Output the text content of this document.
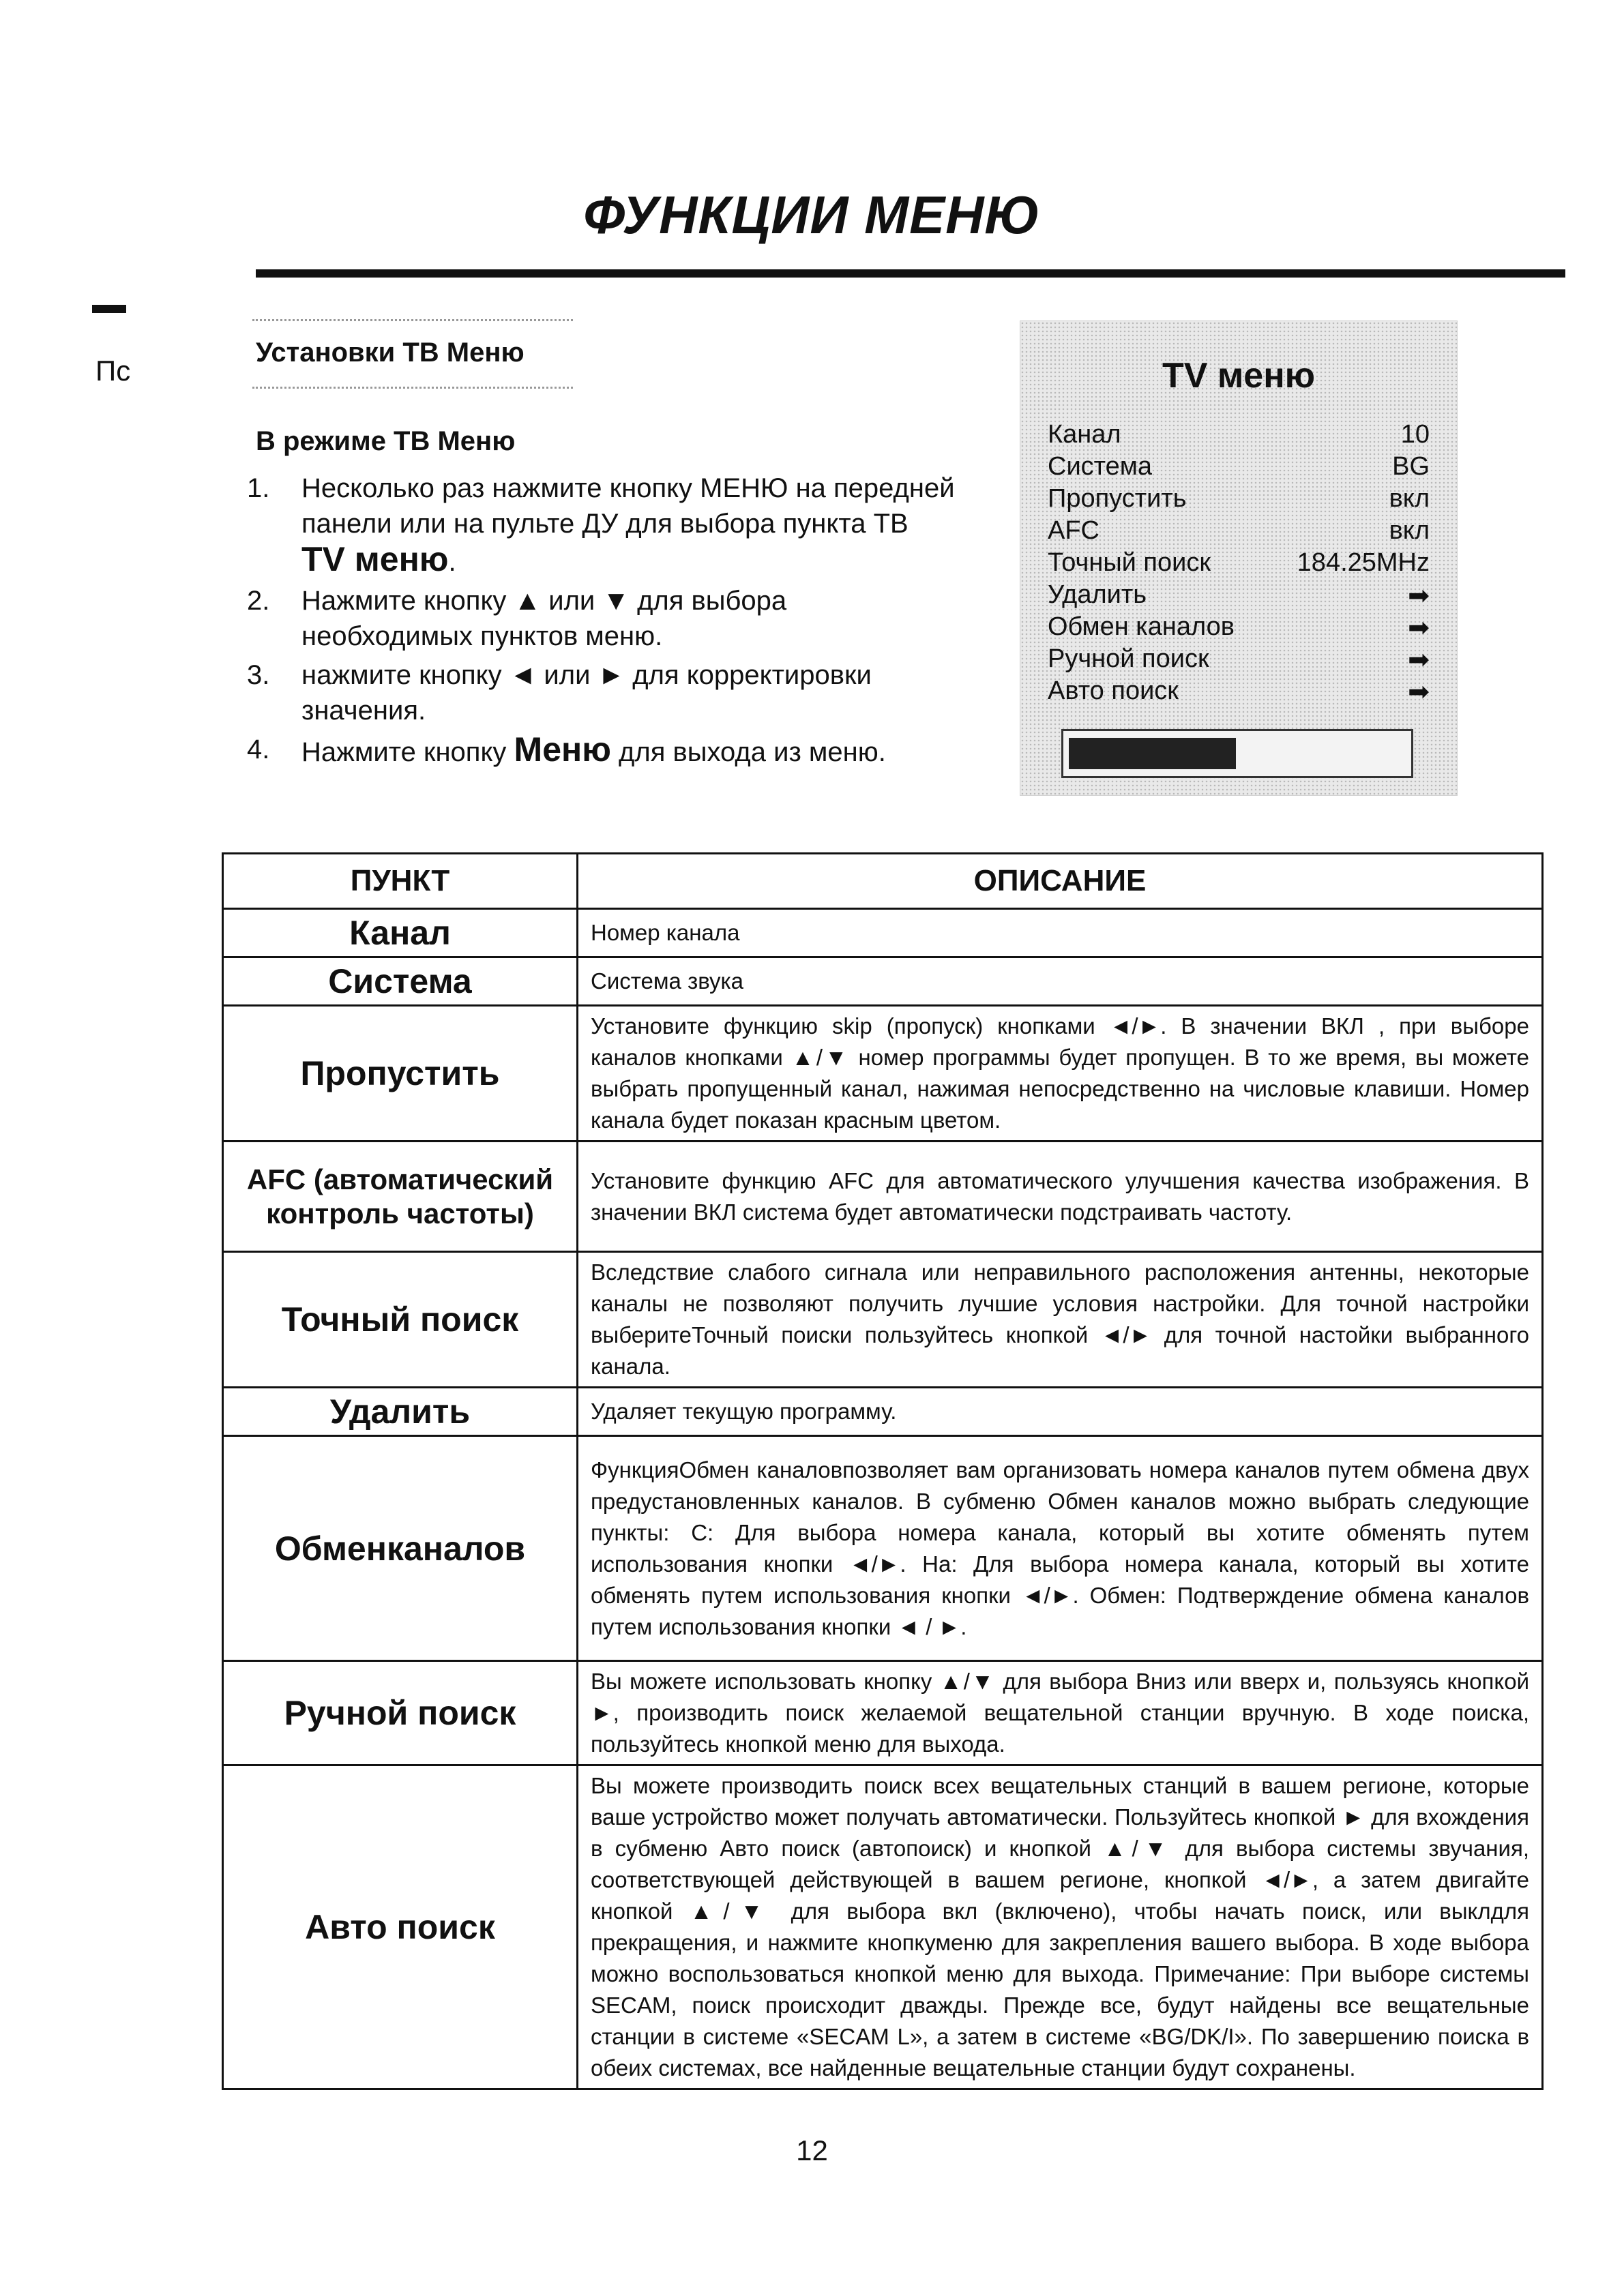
ФУНКЦИИ МЕНЮ
Пс
Установки ТВ Меню
В режиме ТВ Меню
1. Несколько раз нажмите кнопку МЕНЮ на передней панели или на пульте ДУ для выбора пункта ТВ
TV меню.
2. Нажмите кнопку ▲ или ▼ для выбора необходимых пунктов меню.
3. нажмите кнопку ◄ или ► для корректировки значения.
4. Нажмите кнопку Меню для выхода из меню.
TV меню
Канал	10
Система	BG
Пропустить	вкл
AFC	вкл
Точный поиск	184.25MHz
Удалить	➡
Обмен каналов	➡
Ручной поиск	➡
Авто поиск	➡
ПУНКТ	ОПИСАНИЕ
Канал	Номер канала
Система	Система звука
Пропустить	Установите функцию skip (пропуск) кнопками ◄/►. В значении ВКЛ , при выборе каналов кнопками ▲/▼ номер программы будет пропущен. В то же время, вы можете выбрать пропущенный канал, нажимая непосредственно на числовые клавиши. Номер канала будет показан красным цветом.
AFC (автоматический контроль частоты)	Установите функцию AFC для автоматического улучшения качества изображения. В значении ВКЛ система будет автоматически подстраивать частоту.
Точный поиск	Вследствие слабого сигнала или неправильного расположения антенны, некоторые каналы не позволяют получить лучшие условия настройки. Для точной настройки выберитеТочный поиски пользуйтесь кнопкой ◄/► для точной настойки выбранного канала.
Удалить	Удаляет текущую программу.
Обменканалов	ФункцияОбмен каналовпозволяет вам организовать номера каналов путем обмена двух предустановленных каналов. В субменю Обмен каналов можно выбрать следующие пункты: С: Для выбора номера канала, который вы хотите обменять путем использования кнопки ◄/►. На: Для выбора номера канала, который вы хотите обменять путем использования кнопки ◄/►. Обмен: Подтверждение обмена каналов путем использования кнопки ◄ / ►.
Ручной поиск	Вы можете использовать кнопку ▲/▼ для выбора Вниз или вверх и, пользуясь кнопкой ►, производить поиск желаемой вещательной станции вручную. В ходе поиска, пользуйтесь кнопкой меню для выхода.
Авто поиск	Вы можете производить поиск всех вещательных станций в вашем регионе, которые ваше устройство может получать автоматически. Пользуйтесь кнопкой ► для вхождения в субменю Авто поиск (автопоиск) и кнопкой ▲/▼ для выбора системы звучания, соответствующей действующей в вашем регионе, кнопкой ◄/►, а затем двигайте кнопкой ▲/▼ для выбора вкл (включено), чтобы начать поиск, или выклдля прекращения, и нажмите кнопкуменю для закрепления вашего выбора. В ходе выбора можно воспользоваться кнопкой меню для выхода. Примечание: При выборе системы SECAM, поиск происходит дважды. Прежде все, будут найдены все вещательные станции в системе «SECAM L», а затем в системе «BG/DK/I». По завершению поиска в обеих системах, все найденные вещательные станции будут сохранены.
12
